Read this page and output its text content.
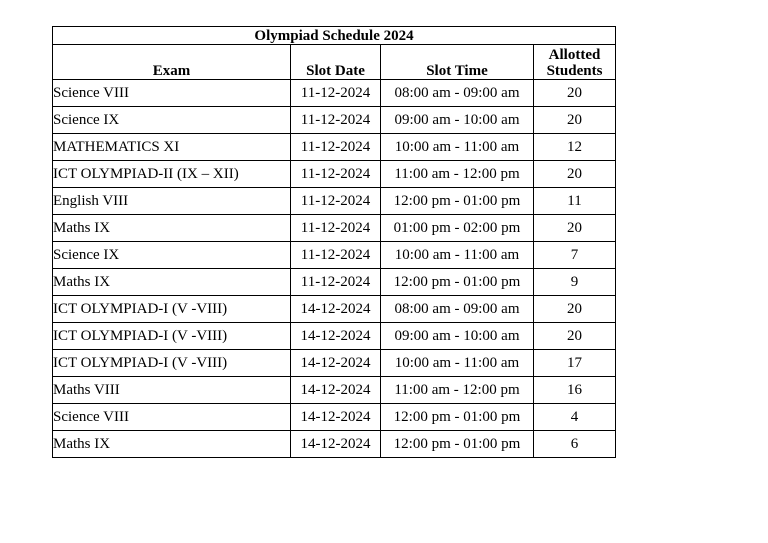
Olympiad Schedule 2024			
Exam	Slot Date	Slot Time	Allotted
Students
Science VIII	11-12-2024	08:00 am - 09:00 am	20
Science IX	11-12-2024	09:00 am - 10:00 am	20
MATHEMATICS XI	11-12-2024	10:00 am - 11:00 am	12
ICT OLYMPIAD-II (IX – XII)	11-12-2024	11:00 am - 12:00 pm	20
English VIII	11-12-2024	12:00 pm - 01:00 pm	11
Maths IX	11-12-2024	01:00 pm - 02:00 pm	20
Science IX	11-12-2024	10:00 am - 11:00 am	7
Maths IX	11-12-2024	12:00 pm - 01:00 pm	9
ICT OLYMPIAD-I (V -VIII)	14-12-2024	08:00 am - 09:00 am	20
ICT OLYMPIAD-I (V -VIII)	14-12-2024	09:00 am - 10:00 am	20
ICT OLYMPIAD-I (V -VIII)	14-12-2024	10:00 am - 11:00 am	17
Maths VIII	14-12-2024	11:00 am - 12:00 pm	16
Science VIII	14-12-2024	12:00 pm - 01:00 pm	4
Maths IX	14-12-2024	12:00 pm - 01:00 pm	6
